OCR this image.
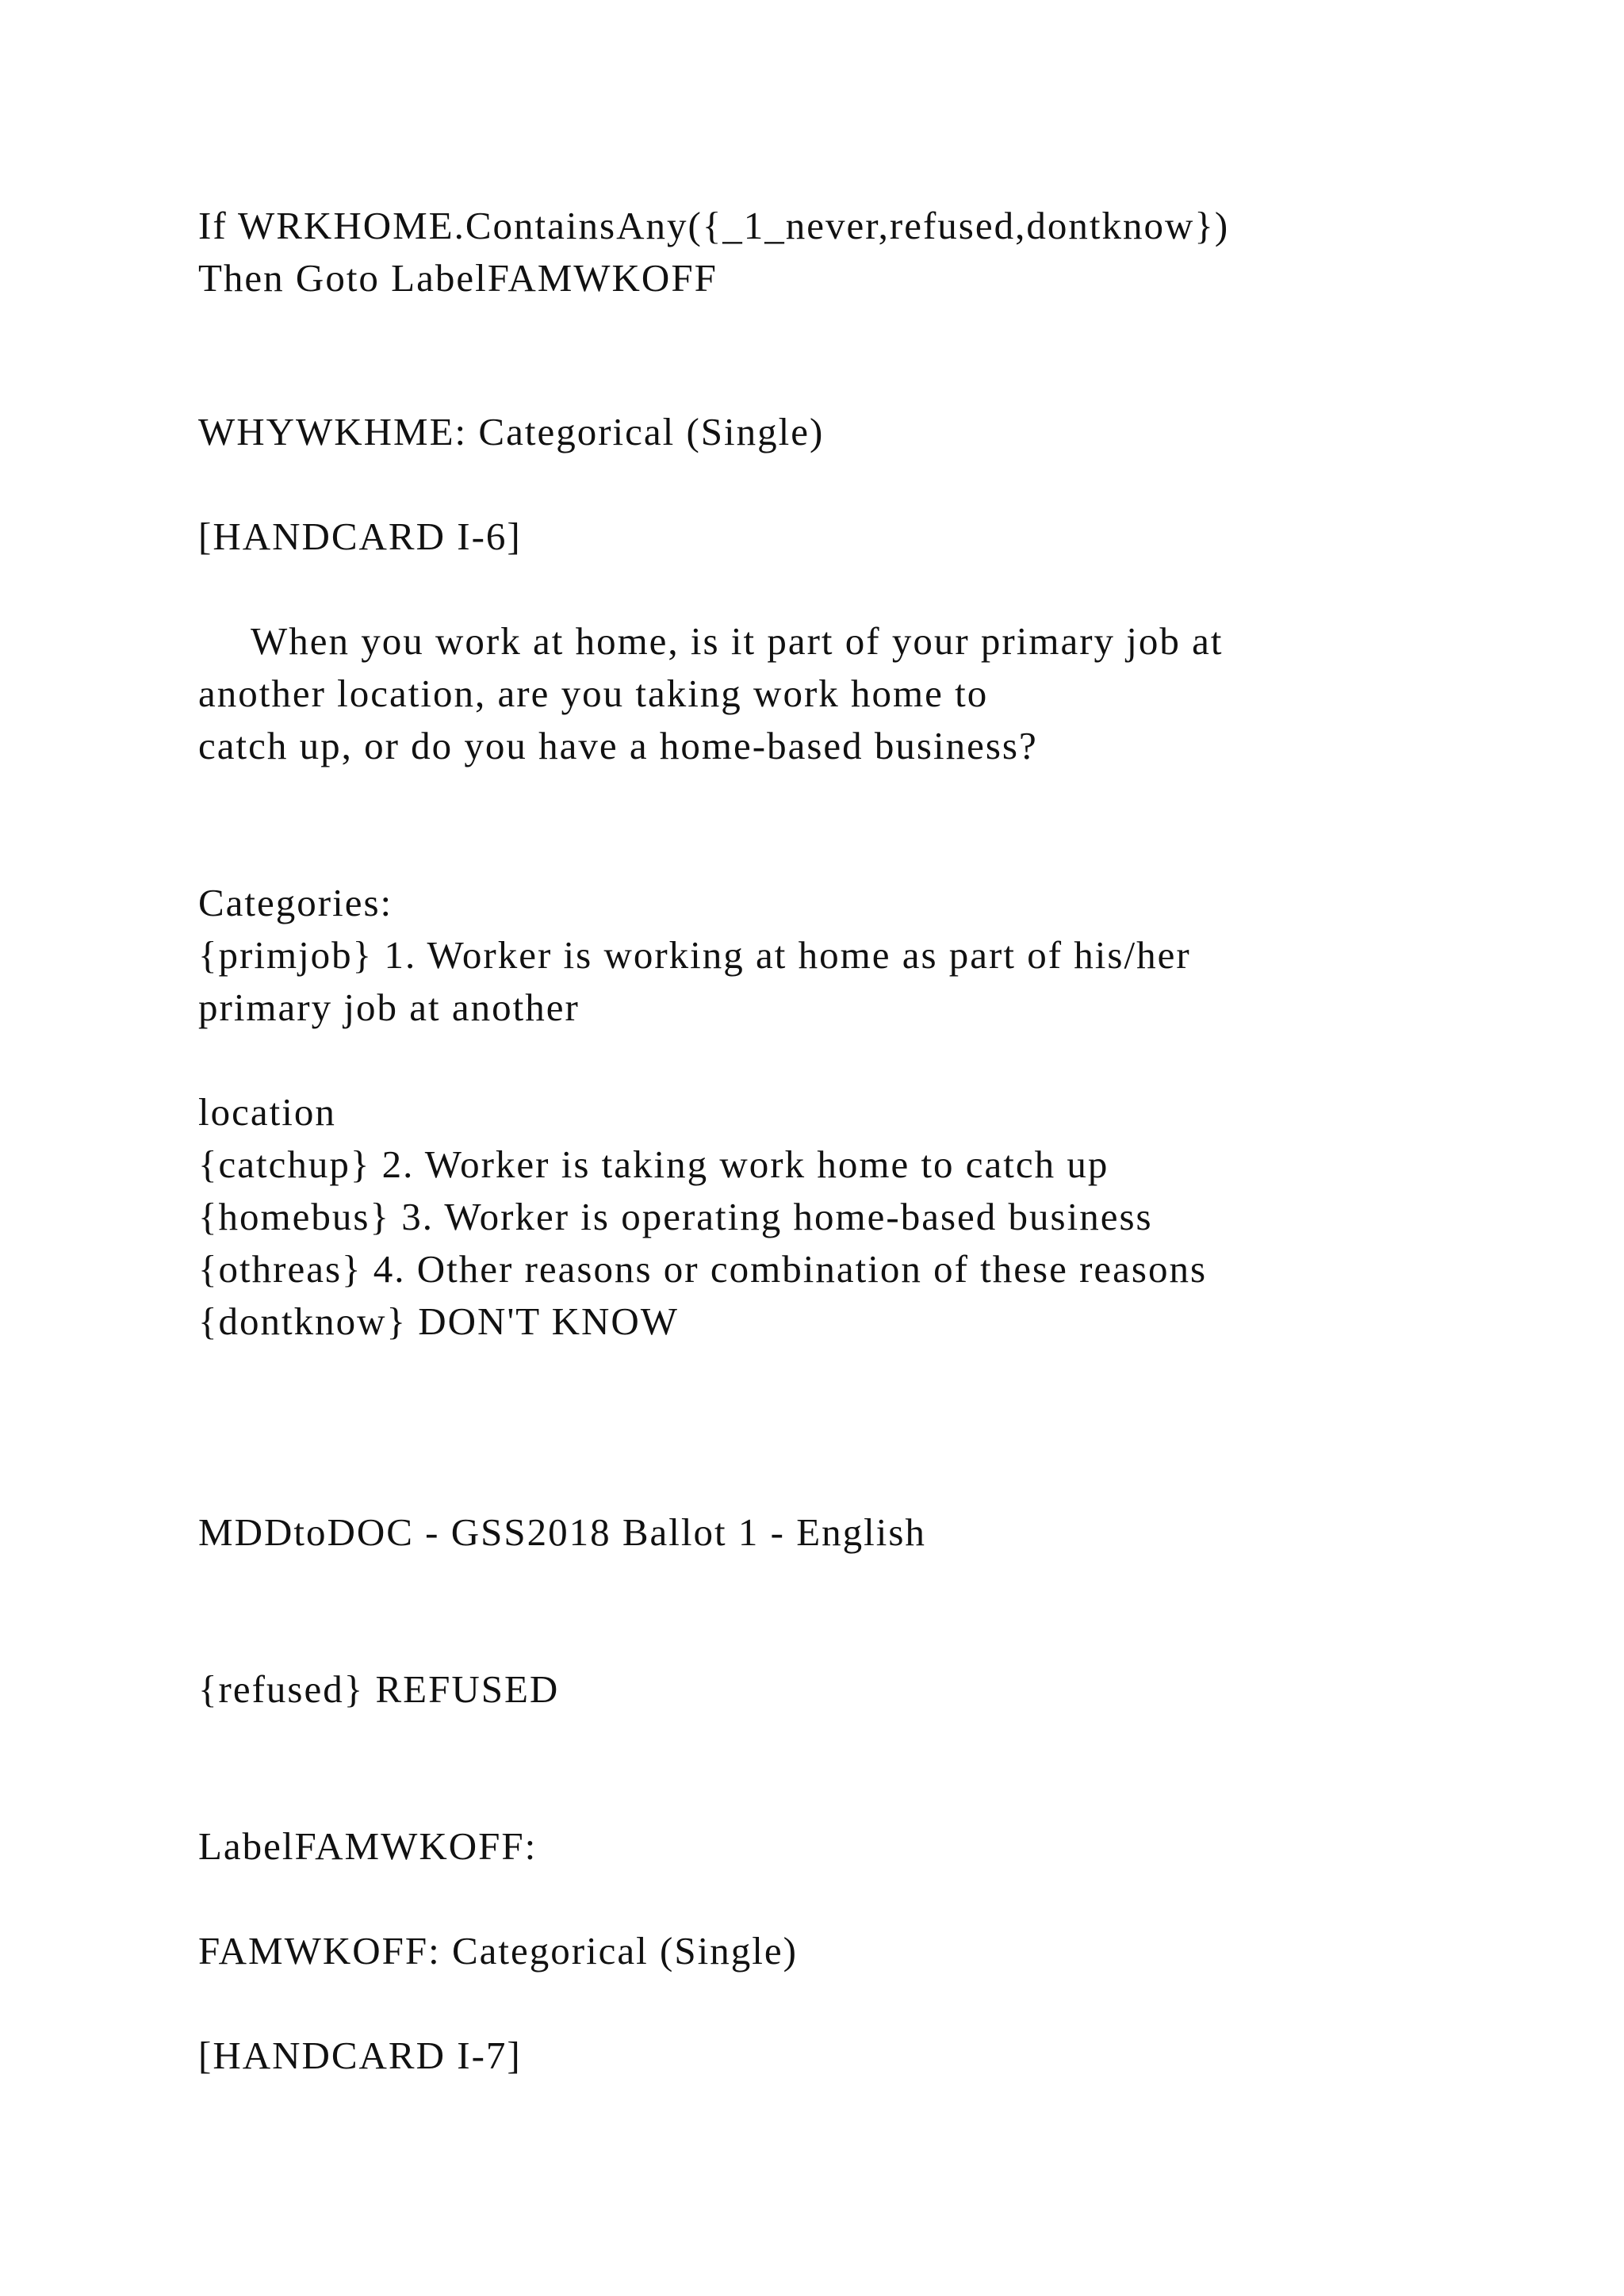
If WRKHOME.ContainsAny({_1_never,refused,dontknow})

Then Goto LabelFAMWKOFF

WHYWKHME: Categorical (Single)

[HANDCARD I-6]

When you work at home, is it part of your primary job at

another location, are you taking work home to

catch up, or do you have a home-based business?

Categories:

{primjob} 1. Worker is working at home as part of his/her

primary job at another

location

{catchup} 2. Worker is taking work home to catch up

{homebus} 3. Worker is operating home-based business

{othreas} 4. Other reasons or combination of these reasons

{dontknow} DON'T KNOW

MDDtoDOC - GSS2018 Ballot 1 - English

{refused} REFUSED

LabelFAMWKOFF:

FAMWKOFF: Categorical (Single)

[HANDCARD I-7]
